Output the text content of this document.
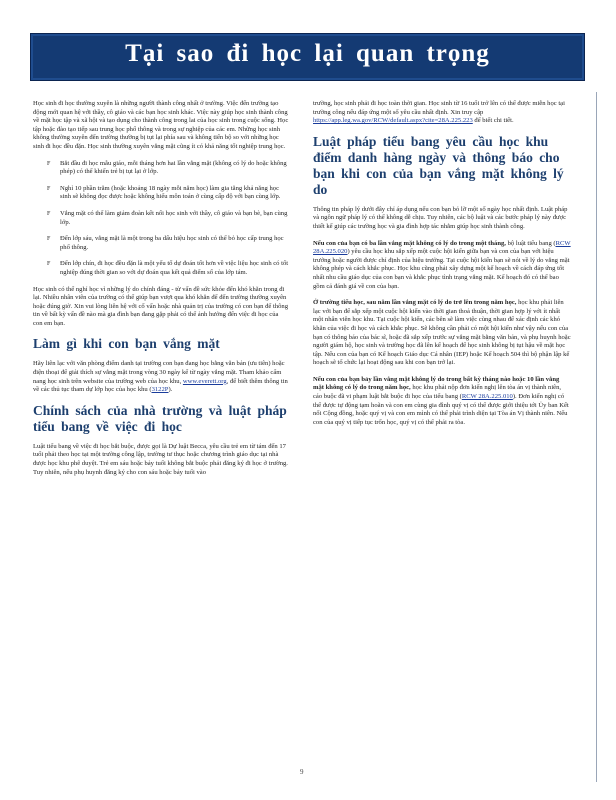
Tại sao đi học lại quan trọng

Học sinh đi học thường xuyên là những người thành công nhất ở trường. Việc đến trường tạo động mới quan hệ với thầy, cô giáo và các bạn học sinh khác. Việc này giúp học sinh thành công về mặt học tập và xã hội và tạo dụng cho thành công trong lai của học sinh trong cuộc sống. Học tập hoặc đào tạo tiếp sau trung học phổ thông và trong sự nghiệp của các em. Những học sinh không thường xuyên đến trường thường bị tụt lại phía sau và không tiến bộ so với những học sinh đi học đều đặn. Học sinh thường xuyên vắng mặt cũng ít có khả năng tốt nghiệp trung học.

F Bắt đầu đi học mẫu giáo, mỗi tháng hơn hai lần vắng mặt (không có lý do hoặc không phép) có thể khiến trẻ bị tụt lại ở lớp.
F Nghỉ 10 phần trăm (hoặc khoảng 18 ngày mỗi năm học) làm gia tăng khả năng học sinh sẽ không đọc được hoặc không hiểu môn toán ở cùng cấp độ với bạn cùng lớp.
F Vắng mặt có thể làm giảm đoàn kết nối học sinh với thầy, cô giáo và bạn bè, bạn cùng lớp.
F Đến lớp sáu, vắng mặt là một trong ba dấu hiệu học sinh có thể bỏ học cấp trung học phổ thông.
F Đến lớp chín, đi học đều đặn là một yếu tố dự đoán tốt hơn về việc liệu học sinh có tốt nghiệp đúng thời gian so với dự đoán qua kết quả điểm số của lớp tám.

Học sinh có thể nghỉ học vì những lý do chính đáng - từ vấn đề sức khỏe đến khó khăn trong đi lại. Nhiều nhân viên của trường có thể giúp bạn vượt qua khó khăn để đến trường thường xuyên hoặc đúng giờ. Xin vui lòng liên hệ với cố vấn hoặc nhà quản trị của trường có con bạn để thông tin về bất kỳ vấn đề nào mà gia đình bạn đang gặp phải có thể ảnh hưởng đến việc đi học của con em bạn.

Làm gì khi con bạn vắng mặt

Hãy liên lạc với văn phòng điểm danh tại trường con bạn đang học bằng văn bản (ưu tiên) hoặc điện thoại để giải thích sự vắng mặt trong vòng 30 ngày kể từ ngày vắng mặt. Tham khảo cẩm nang học sinh trên website của trường web của học khu, www.everett.org, để biết thêm thông tin về các thủ tục tham dự lớp học của học khu (3122P).

Chính sách của nhà trường và luật pháp tiểu bang về việc đi học

Luật tiểu bang về việc đi học bắt buộc, được gọi là Dự luật Becca, yêu cầu trẻ em từ tám đến 17 tuổi phải theo học tại một trường công lập, trường tư thục hoặc chương trình giáo dục tại nhà được học khu phê duyệt. Trẻ em sáu hoặc bảy tuổi không bắt buộc phải đăng ký đi học ở trường. Tuy nhiên, nếu phụ huynh đăng ký cho con sáu hoặc bảy tuổi vào

trường, học sinh phải đi học toàn thời gian. Học sinh từ 16 tuổi trở lên có thể được miễn học tại trường công nếu đáp ứng một số yêu cầu nhất định. Xin truy cập https://app.leg.wa.gov/RCW/default.aspx?cite=28A.225.223 để biết chi tiết.

Luật pháp tiểu bang yêu cầu học khu điểm danh hàng ngày và thông báo cho bạn khi con của bạn vắng mặt không lý do

Thông tin pháp lý dưới đây chỉ áp dụng nếu con bạn bỏ lỡ một số ngày học nhất định. Luật pháp và ngôn ngữ pháp lý có thể không dễ chịu. Tuy nhiên, các bộ luật và các bước pháp lý này được thiết kế giúp các trường học và gia đình hợp tác nhằm giúp học sinh thành công.

Nếu con của bạn có ba lần vắng mặt không có lý do trong một tháng, bộ luật tiểu bang (RCW 28A.225.020) yêu cầu học khu sắp xếp một cuộc hội kiến giữa bạn và con của bạn với hiệu trưởng hoặc người được chỉ định của hiệu trưởng. Tại cuộc hội kiến bạn sẽ nói về lý do vắng mặt không phép và cách khắc phục. Học khu cũng phải xây dựng một kế hoạch về cách đáp ứng tốt nhất nhu cầu giáo dục của con bạn và khắc phục tình trạng vắng mặt. Kế hoạch đó có thể bao gồm cả đánh giá về con của bạn.

Ở trường tiểu học, sau năm lần vắng mặt có lý do trở lên trong năm học, học khu phải liên lạc với bạn để sắp xếp một cuộc hội kiến vào thời gian thoả thuận, thời gian hợp lý với ít nhất một nhân viên học khu. Tại cuộc hội kiến, các bên sẽ làm việc cùng nhau để xác định các khó khăn của việc đi học và cách khắc phục. Sẽ không cần phải có một hội kiến như vậy nếu con của bạn có thông báo của bác sĩ, hoặc đã sắp xếp trước sự vắng mặt bằng văn bản, và phụ huynh hoặc người giám hộ, học sinh và trường học đã lên kế hoạch để học sinh không bị tụt hậu về mặt học tập. Nếu con của bạn có Kế hoạch Giáo dục Cá nhân (IEP) hoặc Kế hoạch 504 thì bộ phận lập kế hoạch sẽ tổ chức lại hoạt động sau khi con bạn trở lại.

Nếu con của bạn bảy lần vắng mặt không lý do trong bất kỳ tháng nào hoặc 10 lần vắng mặt không có lý do trong năm học, học khu phải nộp đơn kiến nghị lên tòa án vị thành niên, cáo buộc đã vi phạm luật bắt buộc đi học của tiểu bang (RCW 28A.225.010). Đơn kiến nghị có thể được tự động tạm hoãn và con em cùng gia đình quý vị có thể được giới thiệu tới Ủy ban Kết nối Cộng đồng, hoặc quý vị và con em mình có thể phải trình diện tại Tòa án Vị thành niên. Nếu con của quý vị tiếp tục trốn học, quý vị có thể phải ra tòa.

9
